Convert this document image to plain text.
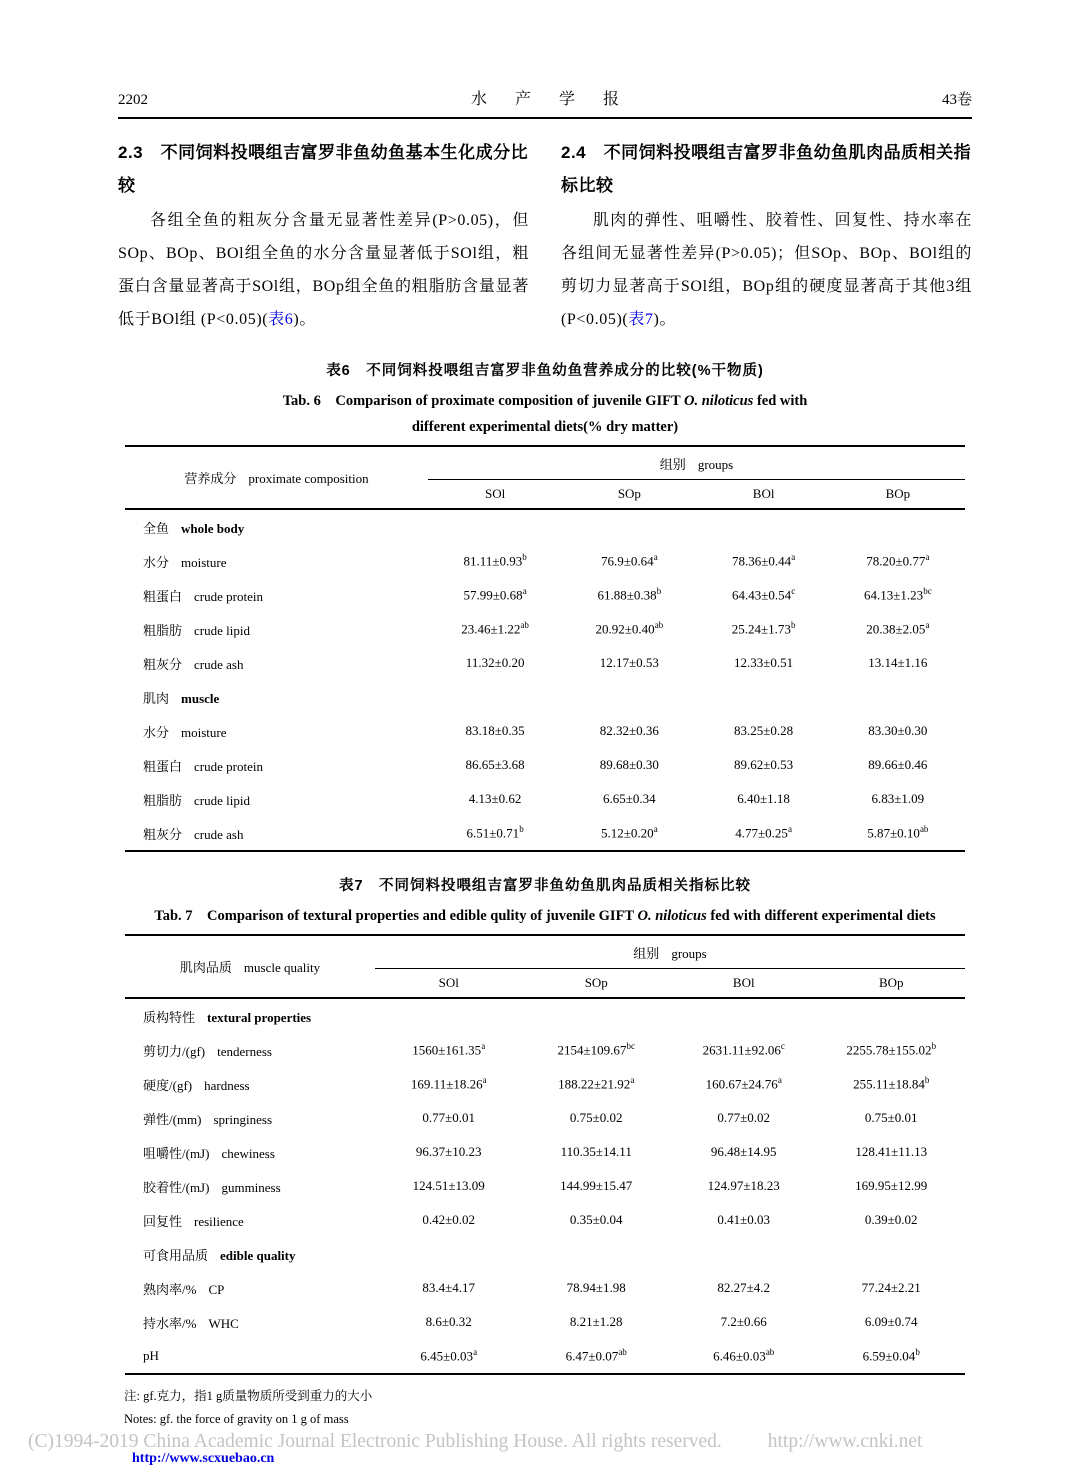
2202	水 产 学 报	43卷
2.3　不同饲料投喂组吉富罗非鱼幼鱼基本生化成分比较

各组全鱼的粗灰分含量无显著性差异(P>0.05)，但SOp、BOp、BOl组全鱼的水分含量显著低于SOl组，粗蛋白含量显著高于SOl组，BOp组全鱼的粗脂肪含量显著低于BOl组 (P<0.05)(表6)。

2.4　不同饲料投喂组吉富罗非鱼幼鱼肌肉品质相关指标比较

肌肉的弹性、咀嚼性、胶着性、回复性、持水率在各组间无显著性差异(P>0.05)；但SOp、BOp、BOl组的剪切力显著高于SOl组，BOp组的硬度显著高于其他3组(P<0.05)(表7)。

表6　不同饲料投喂组吉富罗非鱼幼鱼营养成分的比较(%干物质)
Tab. 6　Comparison of proximate composition of juvenile GIFT O. niloticus fed with
different experimental diets(% dry matter)
营养成分 proximate composition	组别 groups			
	SOl	SOp	BOl	BOp
全鱼 whole body				
水分 moisture	81.11±0.93$^b$	76.9±0.64$^a$	78.36±0.44$^a$	78.20±0.77$^a$
粗蛋白 crude protein	57.99±0.68$^a$	61.88±0.38$^b$	64.43±0.54$^c$	64.13±1.23$^{bc}$
粗脂肪 crude lipid	23.46±1.22$^{ab}$	20.92±0.40$^{ab}$	25.24±1.73$^b$	20.38±2.05$^a$
粗灰分 crude ash	11.32±0.20	12.17±0.53	12.33±0.51	13.14±1.16
肌肉 muscle				
水分 moisture	83.18±0.35	82.32±0.36	83.25±0.28	83.30±0.30
粗蛋白 crude protein	86.65±3.68	89.68±0.30	89.62±0.53	89.66±0.46
粗脂肪 crude lipid	4.13±0.62	6.65±0.34	6.40±1.18	6.83±1.09
粗灰分 crude ash	6.51±0.71$^b$	5.12±0.20$^a$	4.77±0.25$^a$	5.87±0.10$^{ab}$
表7　不同饲料投喂组吉富罗非鱼幼鱼肌肉品质相关指标比较
Tab. 7　Comparison of textural properties and edible qulity of juvenile GIFT O. niloticus fed with different experimental diets
肌肉品质 muscle quality	组别 groups			
	SOl	SOp	BOl	BOp
质构特性 textural properties				
剪切力/(gf) tenderness	1560±161.35$^a$	2154±109.67$^{bc}$	2631.11±92.06$^c$	2255.78±155.02$^b$
硬度/(gf) hardness	169.11±18.26$^a$	188.22±21.92$^a$	160.67±24.76$^a$	255.11±18.84$^b$
弹性/(mm) springiness	0.77±0.01	0.75±0.02	0.77±0.02	0.75±0.01
咀嚼性/(mJ) chewiness	96.37±10.23	110.35±14.11	96.48±14.95	128.41±11.13
胶着性/(mJ) gumminess	124.51±13.09	144.99±15.47	124.97±18.23	169.95±12.99
回复性 resilience	0.42±0.02	0.35±0.04	0.41±0.03	0.39±0.02
可食用品质 edible quality				
熟肉率/% CP	83.4±4.17	78.94±1.98	82.27±4.2	77.24±2.21
持水率/% WHC	8.6±0.32	8.21±1.28	7.2±0.66	6.09±0.74
pH	6.45±0.03$^a$	6.47±0.07$^{ab}$	6.46±0.03$^{ab}$	6.59±0.04$^b$
注: gf.克力，指1 g质量物质所受到重力的大小
Notes: gf. the force of gravity on 1 g of mass
http://www.scxuebao.cn
(C)1994-2019 China Academic Journal Electronic Publishing House. All rights reserved. http://www.cnki.net
